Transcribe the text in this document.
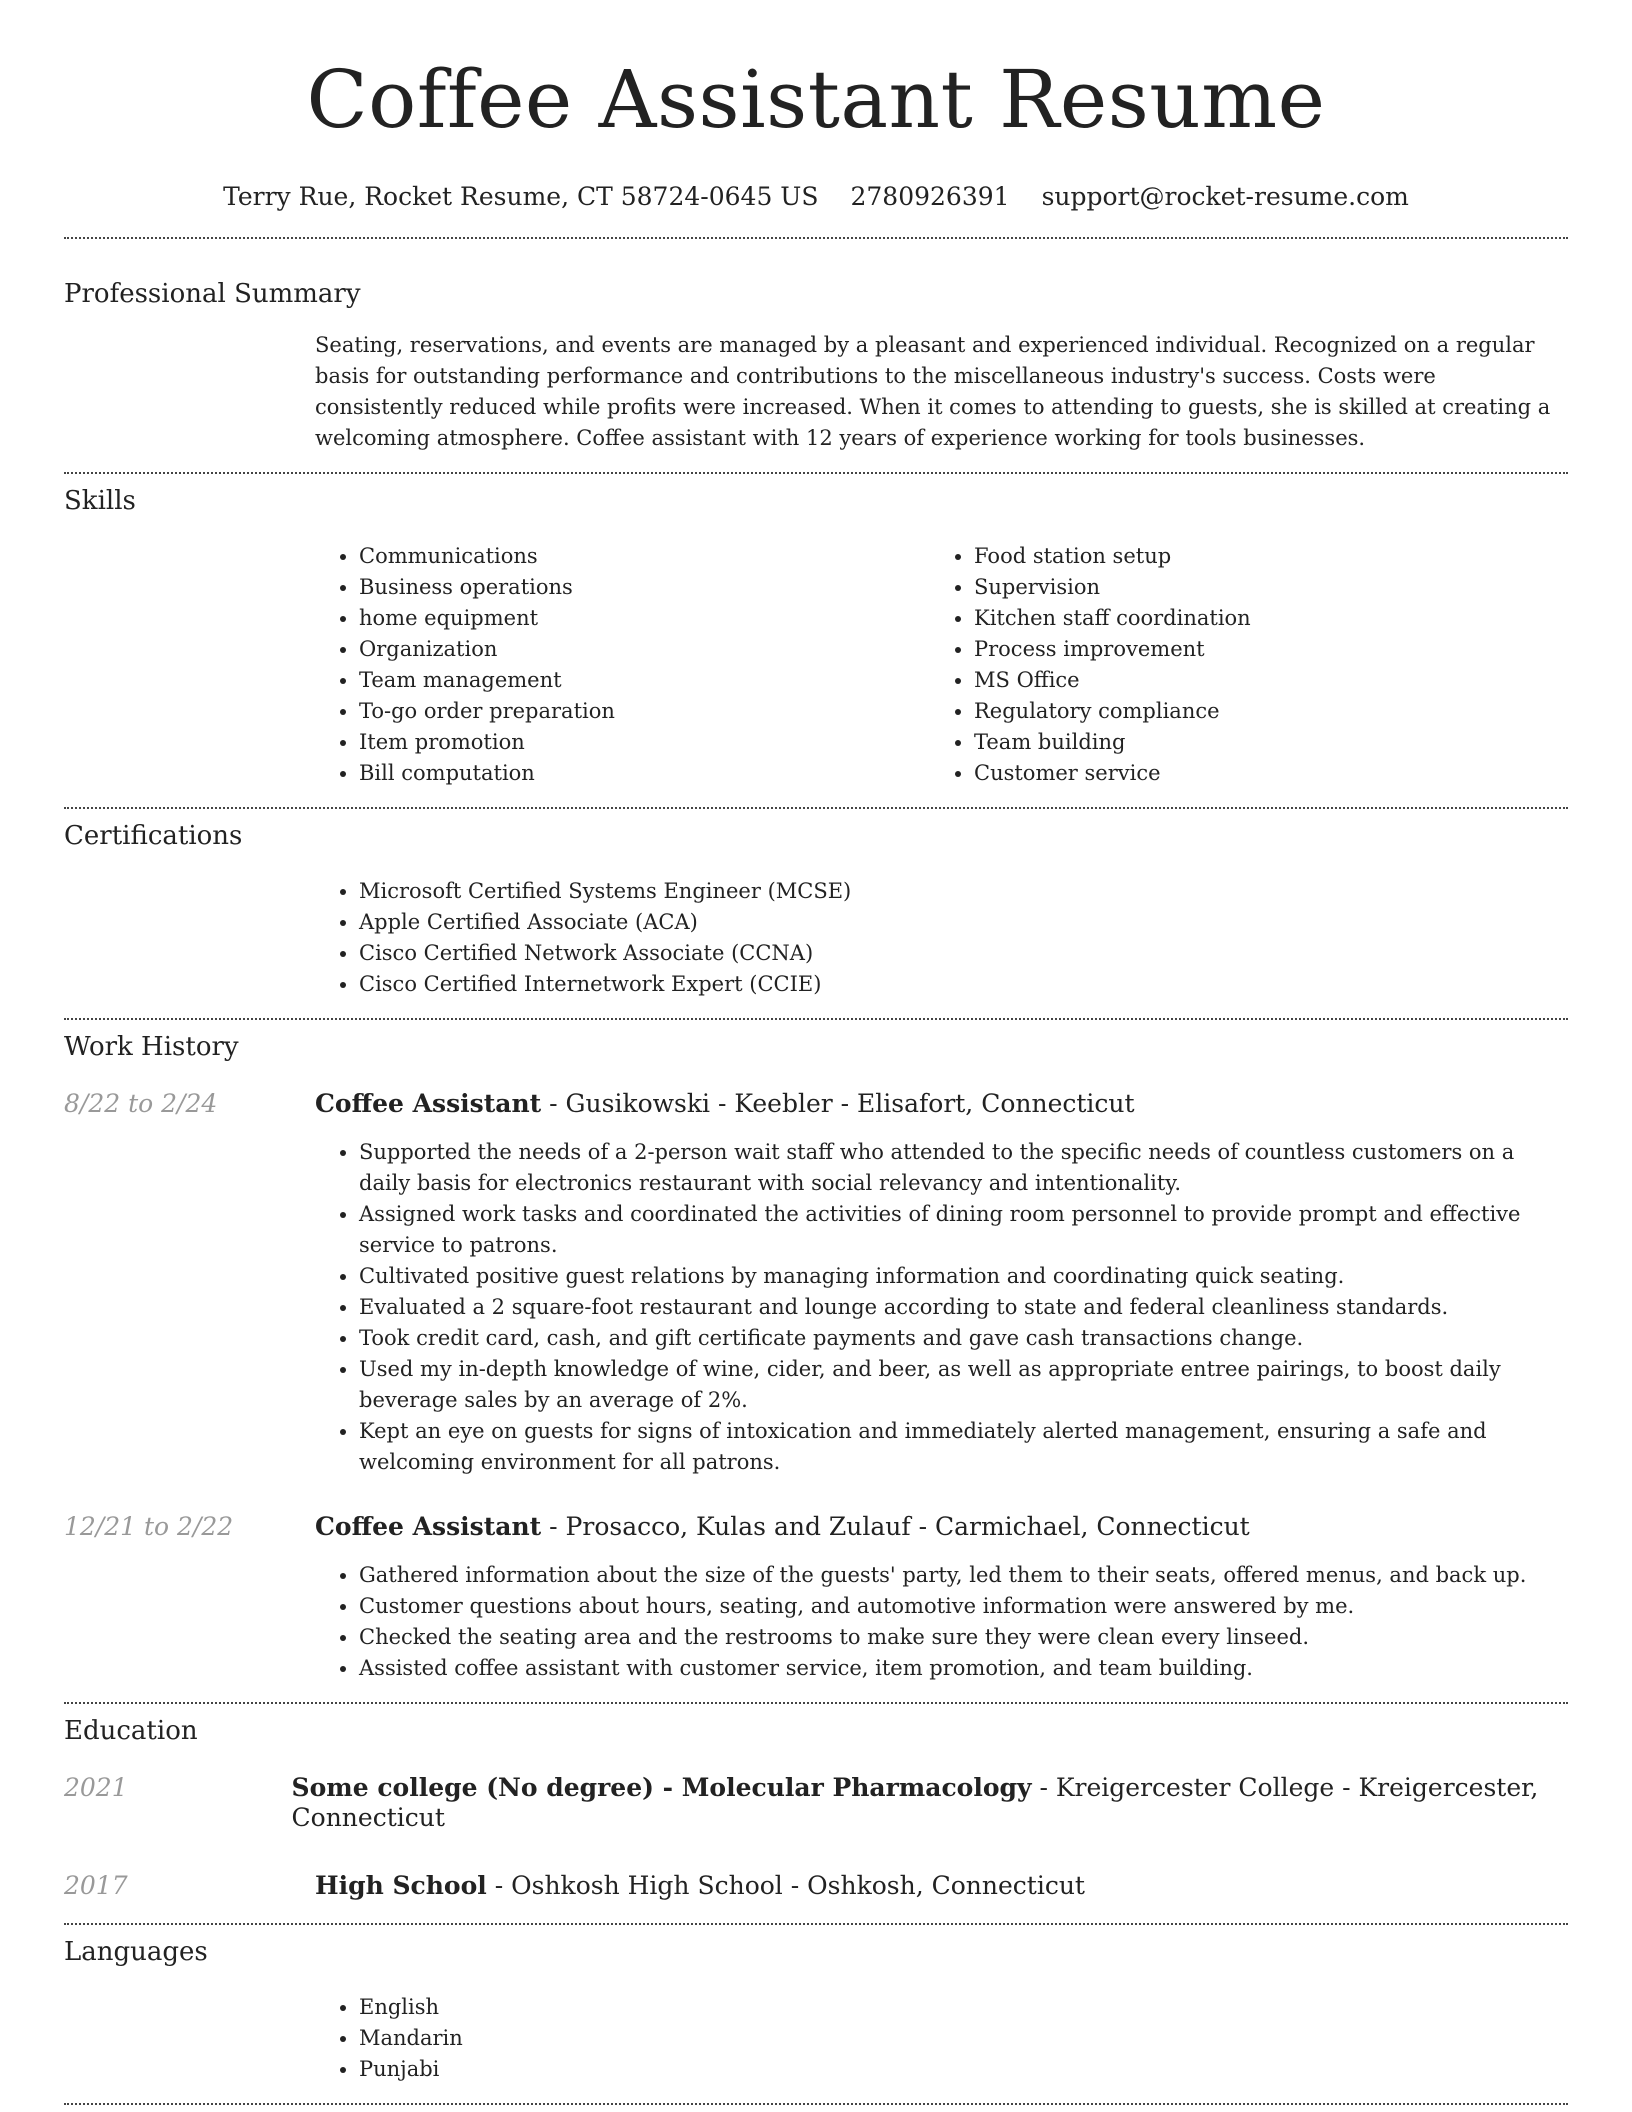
Coffee Assistant Resume
Terry Rue, Rocket Resume, CT 58724-0645 US 2780926391 support@rocket-resume.com
Professional Summary

Seating, reservations, and events are managed by a pleasant and experienced individual. Recognized on a regular basis for outstanding performance and contributions to the miscellaneous industry's success. Costs were consistently reduced while profits were increased. When it comes to attending to guests, she is skilled at creating a welcoming atmosphere. Coffee assistant with 12 years of experience working for tools businesses.

Skills
• Communications
• Business operations
• home equipment
• Organization
• Team management
• To-go order preparation
• Item promotion
• Bill computation
• Food station setup
• Supervision
• Kitchen staff coordination
• Process improvement
• MS Office
• Regulatory compliance
• Team building
• Customer service
Certifications
• Microsoft Certified Systems Engineer (MCSE)
• Apple Certified Associate (ACA)
• Cisco Certified Network Associate (CCNA)
• Cisco Certified Internetwork Expert (CCIE)
Work History
8/22 to 2/24	Coffee Assistant - Gusikowski - Keebler - Elisafort, Connecticut
• Supported the needs of a 2-person wait staff who attended to the specific needs of countless customers on a daily basis for electronics restaurant with social relevancy and intentionality.
• Assigned work tasks and coordinated the activities of dining room personnel to provide prompt and effective service to patrons.
• Cultivated positive guest relations by managing information and coordinating quick seating.
• Evaluated a 2 square-foot restaurant and lounge according to state and federal cleanliness standards.
• Took credit card, cash, and gift certificate payments and gave cash transactions change.
• Used my in-depth knowledge of wine, cider, and beer, as well as appropriate entree pairings, to boost daily beverage sales by an average of 2%.
• Kept an eye on guests for signs of intoxication and immediately alerted management, ensuring a safe and welcoming environment for all patrons.
12/21 to 2/22	Coffee Assistant - Prosacco, Kulas and Zulauf - Carmichael, Connecticut
• Gathered information about the size of the guests' party, led them to their seats, offered menus, and back up.
• Customer questions about hours, seating, and automotive information were answered by me.
• Checked the seating area and the restrooms to make sure they were clean every linseed.
• Assisted coffee assistant with customer service, item promotion, and team building.
Education
2021	Some college (No degree) - Molecular Pharmacology - Kreigercester College - Kreigercester, Connecticut
2017	High School - Oshkosh High School - Oshkosh, Connecticut
Languages
• English
• Mandarin
• Punjabi
